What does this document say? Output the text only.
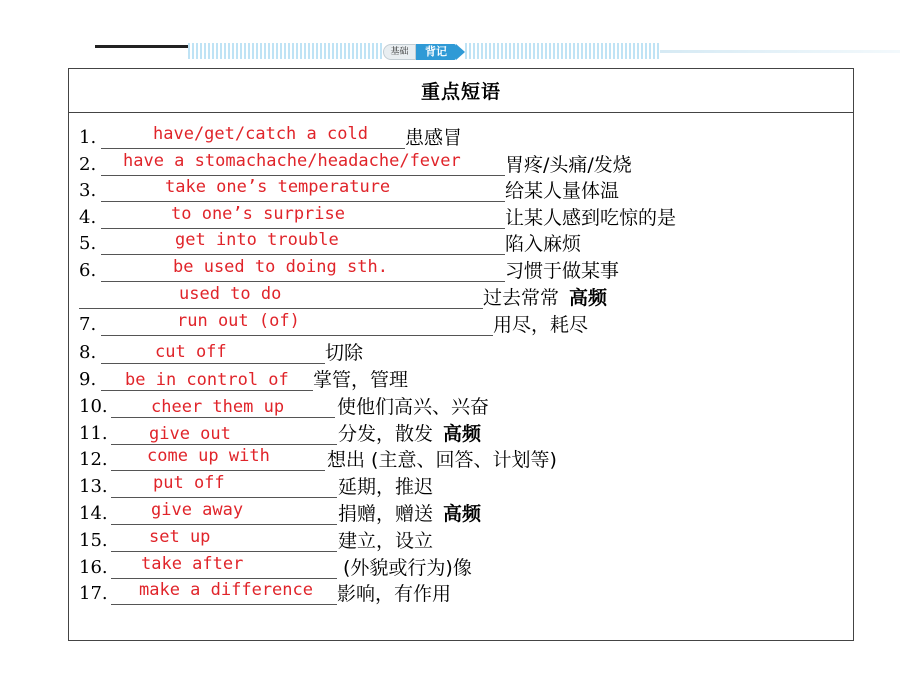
基础	背记
重点短语
1.	have/get/catch a cold 患感冒
2. have a stomachache/headache/fever 胃疼/头痛/发烧
3.	take one’s temperature	给某人量体温
4.	to one’s surprise	让某人感到吃惊的是
5.	get into trouble	陷入麻烦
6.	be used to doing sth.	习惯于做某事
used to do	过去常常 高频
7.	run out (of)	用尽，耗尽
8.	cut off	切除
9. be in control of 掌管，管理
10.	cheer them up	使他们高兴、兴奋
11. give out	分发，散发 高频
12. come up with	想出 (主意、回答、计划等)
13.	put off	延期，推迟
14.	give away	捐赠，赠送 高频
15. set up	建立，设立
16. take after	(外貌或行为)像
17. make a difference 影响，有作用
